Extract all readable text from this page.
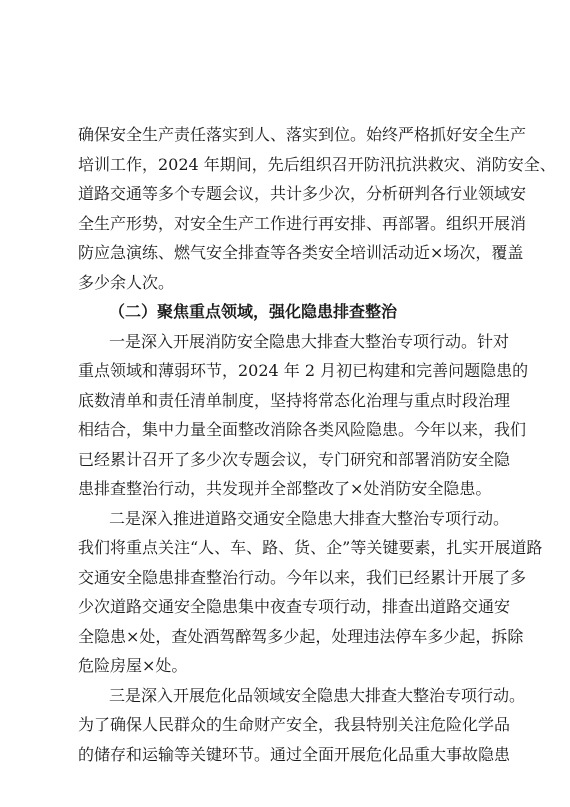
确保安全生产责任落实到人、落实到位。始终严格抓好安全生产
培训工作，2024 年期间，先后组织召开防汛抗洪救灾、消防安全、
道路交通等多个专题会议，共计多少次，分析研判各行业领域安
全生产形势，对安全生产工作进行再安排、再部署。组织开展消
防应急演练、燃气安全排查等各类安全培训活动近×场次，覆盖
多少余人次。
（二）聚焦重点领域，强化隐患排查整治
一是深入开展消防安全隐患大排查大整治专项行动。针对
重点领域和薄弱环节，2024 年 2 月初已构建和完善问题隐患的
底数清单和责任清单制度，坚持将常态化治理与重点时段治理
相结合，集中力量全面整改消除各类风险隐患。今年以来，我们
已经累计召开了多少次专题会议，专门研究和部署消防安全隐
患排查整治行动，共发现并全部整改了×处消防安全隐患。
二是深入推进道路交通安全隐患大排查大整治专项行动。
我们将重点关注“人、车、路、货、企”等关键要素，扎实开展道路
交通安全隐患排查整治行动。今年以来，我们已经累计开展了多
少次道路交通安全隐患集中夜查专项行动，排查出道路交通安
全隐患×处，查处酒驾醉驾多少起，处理违法停车多少起，拆除
危险房屋×处。
三是深入开展危化品领域安全隐患大排查大整治专项行动。
为了确保人民群众的生命财产安全，我县特别关注危险化学品
的储存和运输等关键环节。通过全面开展危化品重大事故隐患
